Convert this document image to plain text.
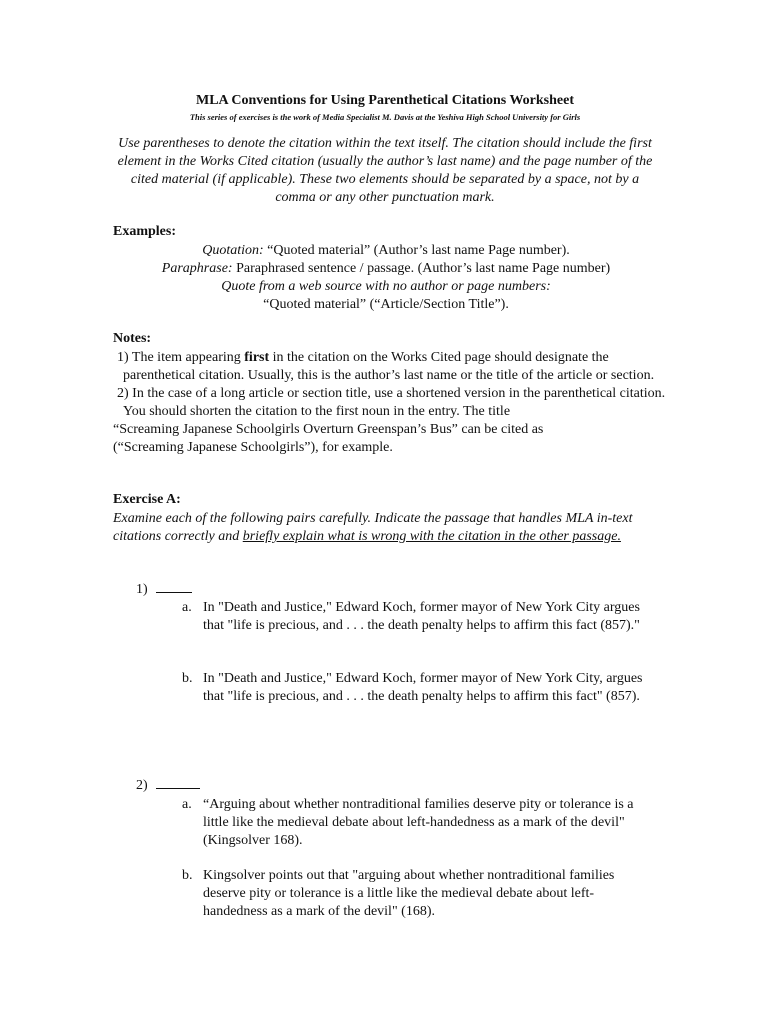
MLA Conventions for Using Parenthetical Citations Worksheet
This series of exercises is the work of Media Specialist M. Davis at the Yeshiva High School University for Girls
Use parentheses to denote the citation within the text itself. The citation should include the first element in the Works Cited citation (usually the author’s last name) and the page number of the cited material (if applicable). These two elements should be separated by a space, not by a comma or any other punctuation mark.
Examples:
Quotation: “Quoted material” (Author’s last name Page number).
Paraphrase: Paraphrased sentence / passage. (Author’s last name Page number)
Quote from a web source with no author or page numbers:
“Quoted material” (“Article/Section Title”).
Notes:
1) The item appearing first in the citation on the Works Cited page should designate the parenthetical citation. Usually, this is the author’s last name or the title of the article or section.
2) In the case of a long article or section title, use a shortened version in the parenthetical citation. You should shorten the citation to the first noun in the entry. The title
“Screaming Japanese Schoolgirls Overturn Greenspan’s Bus” can be cited as
(“Screaming Japanese Schoolgirls”), for example.
Exercise A:
Examine each of the following pairs carefully. Indicate the passage that handles MLA in-text citations correctly and briefly explain what is wrong with the citation in the other passage.
1)
a. In "Death and Justice," Edward Koch, former mayor of New York City argues that "life is precious, and . . . the death penalty helps to affirm this fact (857)."
b. In "Death and Justice," Edward Koch, former mayor of New York City, argues that "life is precious, and . . . the death penalty helps to affirm this fact" (857).
2)
a. “Arguing about whether nontraditional families deserve pity or tolerance is a little like the medieval debate about left-handedness as a mark of the devil" (Kingsolver 168).
b. Kingsolver points out that "arguing about whether nontraditional families deserve pity or tolerance is a little like the medieval debate about left-handedness as a mark of the devil" (168).
